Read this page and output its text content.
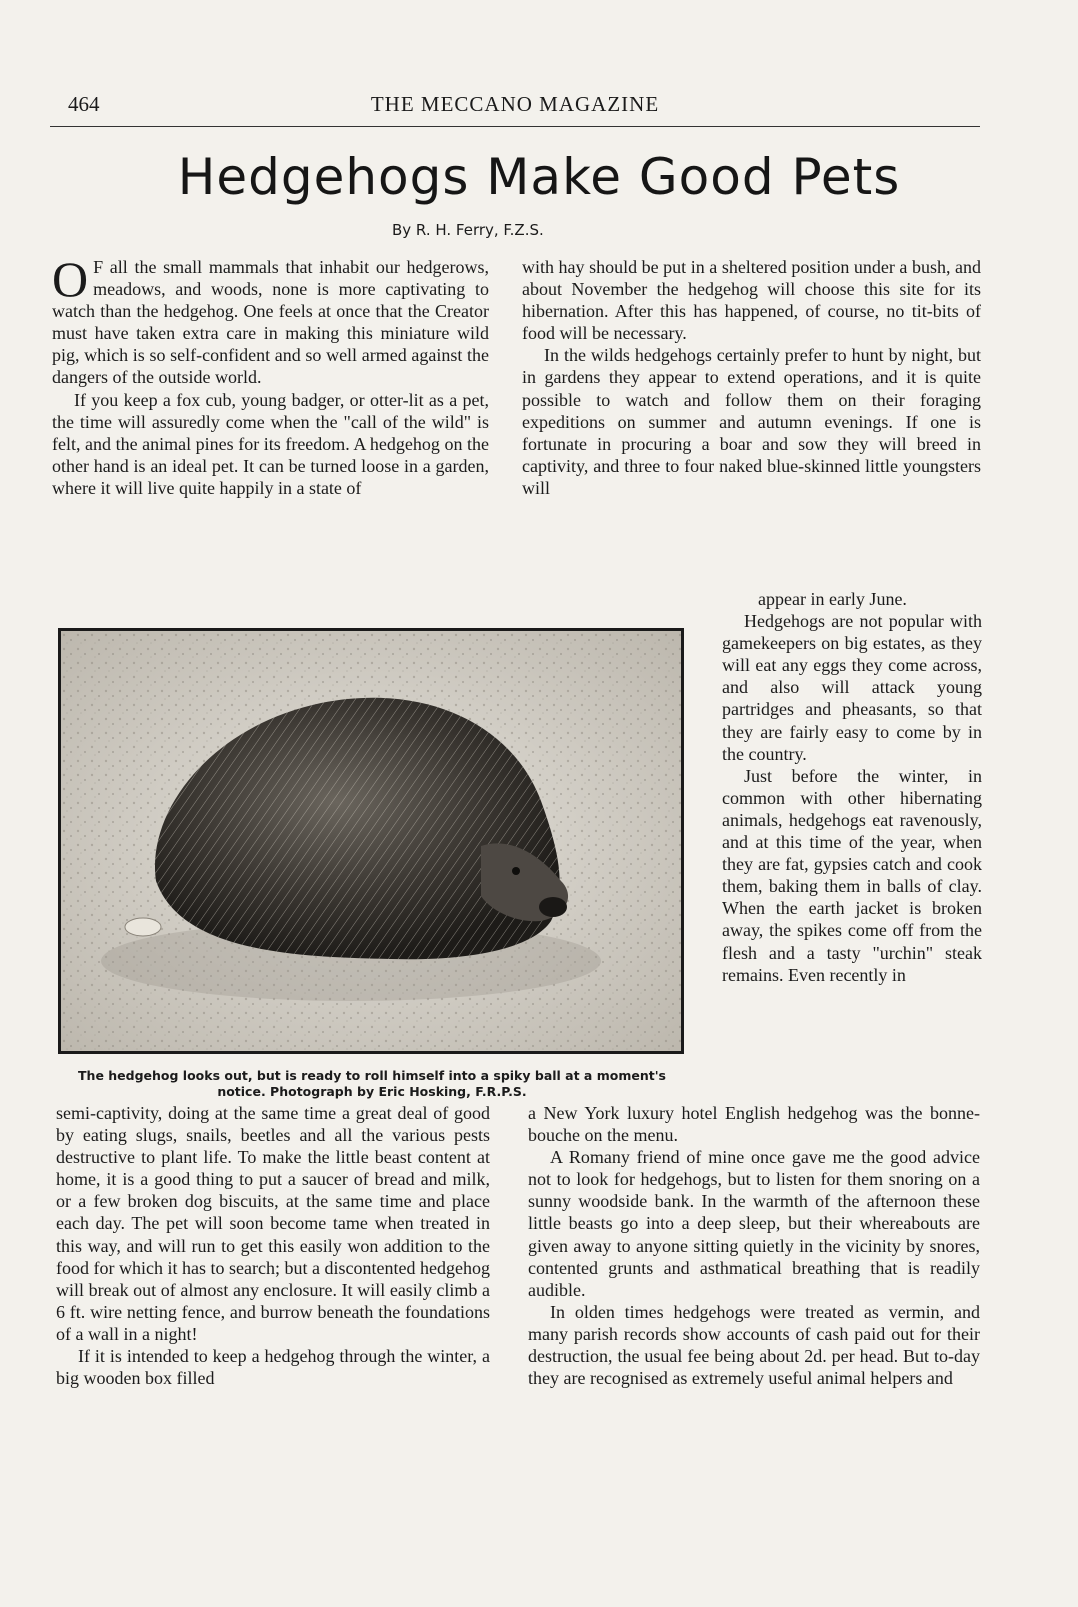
464	THE MECCANO MAGAZINE
Hedgehogs Make Good Pets
By R. H. Ferry, F.Z.S.

O F all the small mammals that inhabit our hedgerows, meadows, and woods, none is more captivating to watch than the hedgehog. One feels at once that the Creator must have taken extra care in making this miniature wild pig, which is so self-confident and so well armed against the dangers of the outside world.

If you keep a fox cub, young badger, or otter-lit as a pet, the time will assuredly come when the "call of the wild" is felt, and the animal pines for its freedom. A hedgehog on the other hand is an ideal pet. It can be turned loose in a garden, where it will live quite happily in a state of

with hay should be put in a sheltered position under a bush, and about November the hedgehog will choose this site for its hibernation. After this has happened, of course, no tit-bits of food will be necessary.

In the wilds hedgehogs certainly prefer to hunt by night, but in gardens they appear to extend operations, and it is quite possible to watch and follow them on their foraging expeditions on summer and autumn evenings. If one is fortunate in procuring a boar and sow they will breed in captivity, and three to four naked blue-skinned little youngsters will

The hedgehog looks out, but is ready to roll himself into a spiky ball at a moment's notice. Photograph by Eric Hosking, F.R.P.S.

appear in early June.

Hedgehogs are not popular with gamekeepers on big estates, as they will eat any eggs they come across, and also will attack young partridges and pheasants, so that they are fairly easy to come by in the country.

Just before the winter, in common with other hibernating animals, hedgehogs eat ravenously, and at this time of the year, when they are fat, gypsies catch and cook them, baking them in balls of clay. When the earth jacket is broken away, the spikes come off from the flesh and a tasty "urchin" steak remains. Even recently in

semi-captivity, doing at the same time a great deal of good by eating slugs, snails, beetles and all the various pests destructive to plant life. To make the little beast content at home, it is a good thing to put a saucer of bread and milk, or a few broken dog biscuits, at the same time and place each day. The pet will soon become tame when treated in this way, and will run to get this easily won addition to the food for which it has to search; but a discontented hedgehog will break out of almost any enclosure. It will easily climb a 6 ft. wire netting fence, and burrow beneath the foundations of a wall in a night!

If it is intended to keep a hedgehog through the winter, a big wooden box filled

a New York luxury hotel English hedgehog was the bonne-bouche on the menu.

A Romany friend of mine once gave me the good advice not to look for hedgehogs, but to listen for them snoring on a sunny woodside bank. In the warmth of the afternoon these little beasts go into a deep sleep, but their whereabouts are given away to anyone sitting quietly in the vicinity by snores, contented grunts and asthmatical breathing that is readily audible.

In olden times hedgehogs were treated as vermin, and many parish records show accounts of cash paid out for their destruction, the usual fee being about 2d. per head. But to-day they are recognised as extremely useful animal helpers and
